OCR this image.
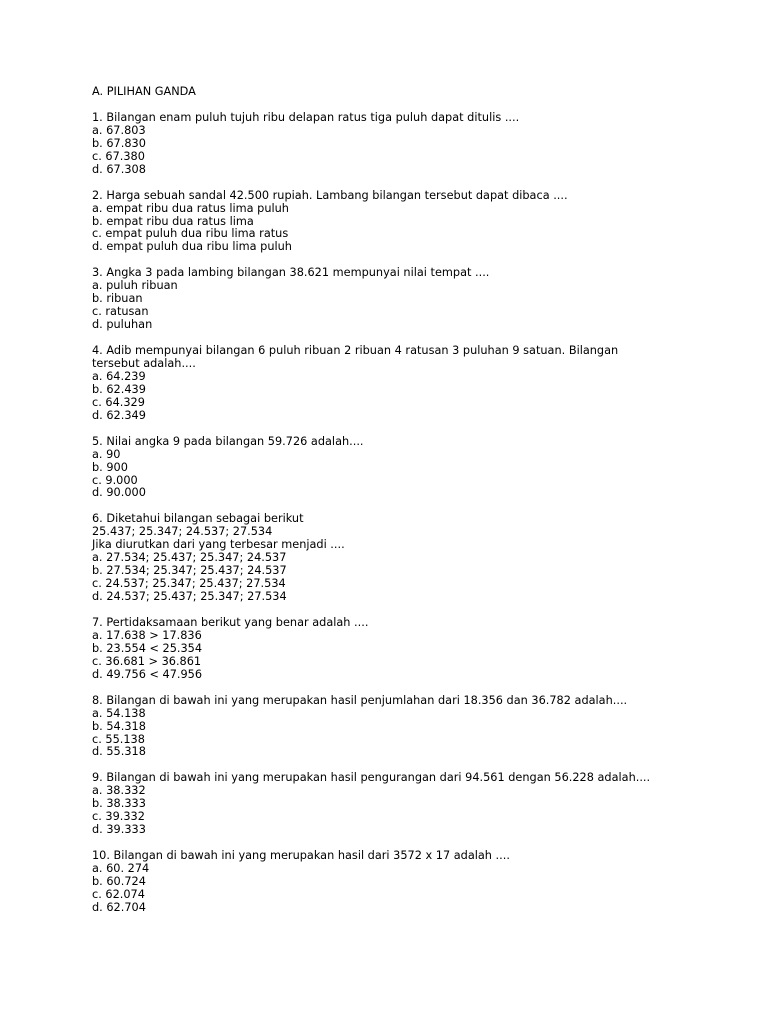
A. PILIHAN GANDA
1. Bilangan enam puluh tujuh ribu delapan ratus tiga puluh dapat ditulis ....
a. 67.803
b. 67.830
c. 67.380
d. 67.308
2. Harga sebuah sandal 42.500 rupiah. Lambang bilangan tersebut dapat dibaca ....
a. empat ribu dua ratus lima puluh
b. empat ribu dua ratus lima
c. empat puluh dua ribu lima ratus
d. empat puluh dua ribu lima puluh
3. Angka 3 pada lambing bilangan 38.621 mempunyai nilai tempat ....
a. puluh ribuan
b. ribuan
c. ratusan
d. puluhan
4. Adib mempunyai bilangan 6 puluh ribuan 2 ribuan 4 ratusan 3 puluhan 9 satuan. Bilangan
tersebut adalah....
a. 64.239
b. 62.439
c. 64.329
d. 62.349
5. Nilai angka 9 pada bilangan 59.726 adalah....
a. 90
b. 900
c. 9.000
d. 90.000
6. Diketahui bilangan sebagai berikut
25.437; 25.347; 24.537; 27.534
Jika diurutkan dari yang terbesar menjadi ....
a. 27.534; 25.437; 25.347; 24.537
b. 27.534; 25.347; 25.437; 24.537
c. 24.537; 25.347; 25.437; 27.534
d. 24.537; 25.437; 25.347; 27.534
7. Pertidaksamaan berikut yang benar adalah ....
a. 17.638 > 17.836
b. 23.554 < 25.354
c. 36.681 > 36.861
d. 49.756 < 47.956
8. Bilangan di bawah ini yang merupakan hasil penjumlahan dari 18.356 dan 36.782 adalah....
a. 54.138
b. 54.318
c. 55.138
d. 55.318
9. Bilangan di bawah ini yang merupakan hasil pengurangan dari 94.561 dengan 56.228 adalah....
a. 38.332
b. 38.333
c. 39.332
d. 39.333
10. Bilangan di bawah ini yang merupakan hasil dari 3572 x 17 adalah ....
a. 60. 274
b. 60.724
c. 62.074
d. 62.704
